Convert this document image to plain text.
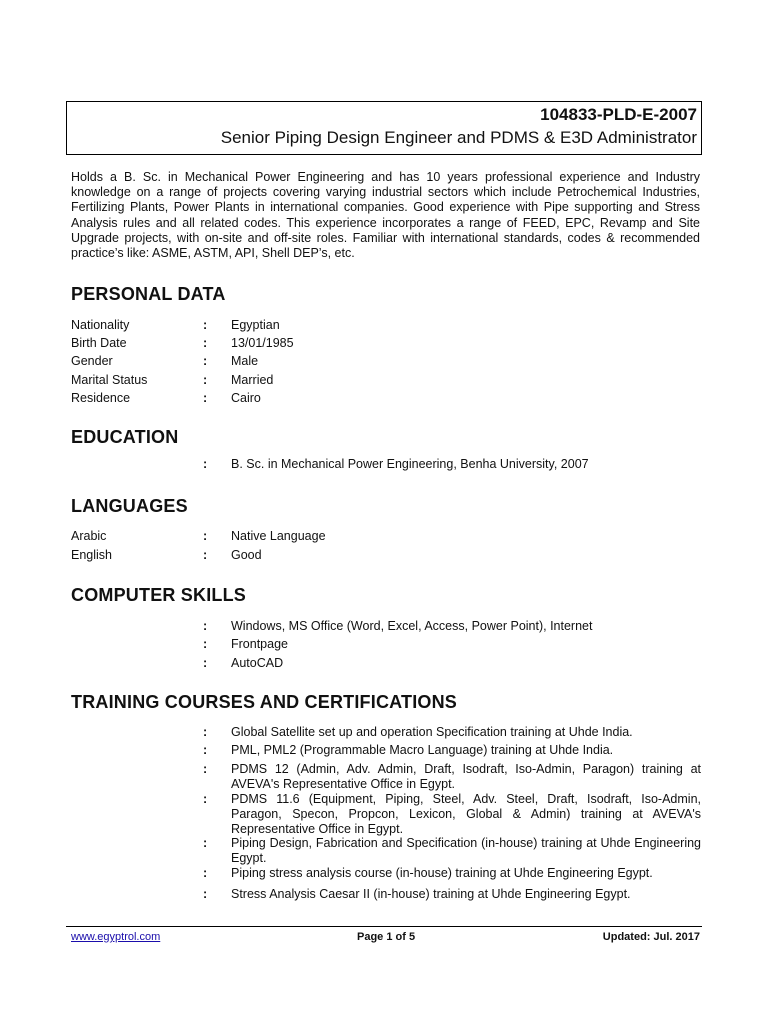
104833-PLD-E-2007
Senior Piping Design Engineer and PDMS & E3D Administrator

Holds a B. Sc. in Mechanical Power Engineering and has 10 years professional experience and Industry knowledge on a range of projects covering varying industrial sectors which include Petrochemical Industries, Fertilizing Plants, Power Plants in international companies. Good experience with Pipe supporting and Stress Analysis rules and all related codes. This experience incorporates a range of FEED, EPC, Revamp and Site Upgrade projects, with on-site and off-site roles. Familiar with international standards, codes & recommended practice’s like: ASME, ASTM, API, Shell DEP’s, etc.

PERSONAL DATA
Nationality	: Egyptian
Birth Date	: 13/01/1985
Gender	: Male
Marital Status	: Married
Residence	: Cairo
EDUCATION
: B. Sc. in Mechanical Power Engineering, Benha University, 2007
LANGUAGES
Arabic	: Native Language
English	: Good
COMPUTER SKILLS
: Windows, MS Office (Word, Excel, Access, Power Point), Internet
: Frontpage
: AutoCAD
TRAINING COURSES AND CERTIFICATIONS
: Global Satellite set up and operation Specification training at Uhde India.
: PML, PML2 (Programmable Macro Language) training at Uhde India.
: PDMS 12 (Admin, Adv. Admin, Draft, Isodraft, Iso-Admin, Paragon) training at AVEVA's Representative Office in Egypt.
: PDMS 11.6 (Equipment, Piping, Steel, Adv. Steel, Draft, Isodraft, Iso-Admin, Paragon, Specon, Propcon, Lexicon, Global & Admin) training at AVEVA's Representative Office in Egypt.
: Piping Design, Fabrication and Specification (in-house) training at Uhde Engineering Egypt.
: Piping stress analysis course (in-house) training at Uhde Engineering Egypt.
: Stress Analysis Caesar II (in-house) training at Uhde Engineering Egypt.
www.egyptrol.com	Page 1 of 5	Updated: Jul. 2017
